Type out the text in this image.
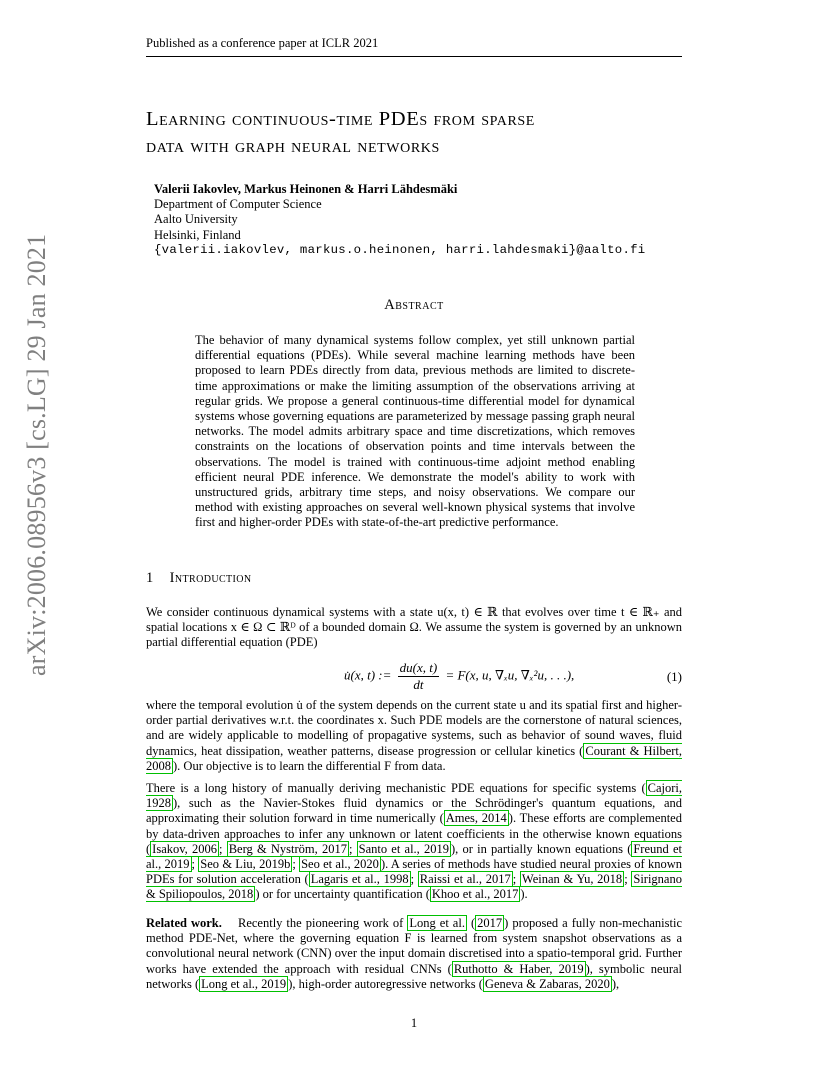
Published as a conference paper at ICLR 2021
arXiv:2006.08956v3 [cs.LG] 29 Jan 2021
Learning continuous-time PDEs from sparse
data with graph neural networks
Valerii Iakovlev, Markus Heinonen & Harri Lähdesmäki
Department of Computer Science
Aalto University
Helsinki, Finland
{valerii.iakovlev, markus.o.heinonen, harri.lahdesmaki}@aalto.fi
Abstract
The behavior of many dynamical systems follow complex, yet still unknown partial differential equations (PDEs). While several machine learning methods have been proposed to learn PDEs directly from data, previous methods are limited to discrete-time approximations or make the limiting assumption of the observations arriving at regular grids. We propose a general continuous-time differential model for dynamical systems whose governing equations are parameterized by message passing graph neural networks. The model admits arbitrary space and time discretizations, which removes constraints on the locations of observation points and time intervals between the observations. The model is trained with continuous-time adjoint method enabling efficient neural PDE inference. We demonstrate the model's ability to work with unstructured grids, arbitrary time steps, and noisy observations. We compare our method with existing approaches on several well-known physical systems that involve first and higher-order PDEs with state-of-the-art predictive performance.
1 Introduction
We consider continuous dynamical systems with a state u(x, t) ∈ ℝ that evolves over time t ∈ ℝ₊ and spatial locations x ∈ Ω ⊂ ℝᴰ of a bounded domain Ω. We assume the system is governed by an unknown partial differential equation (PDE)
u̇(x, t) := $\frac{du(x, t)}{dt} = F(x$, u, ∇ₓu, ∇ₓ²u, . . .),	(1)
where the temporal evolution u̇ of the system depends on the current state u and its spatial first and higher-order partial derivatives w.r.t. the coordinates x. Such PDE models are the cornerstone of natural sciences, and are widely applicable to modelling of propagative systems, such as behavior of sound waves, fluid dynamics, heat dissipation, weather patterns, disease progression or cellular kinetics ( Courant & Hilbert, 2008 ). Our objective is to learn the differential F from data.
There is a long history of manually deriving mechanistic PDE equations for specific systems ( Cajori, 1928 ), such as the Navier-Stokes fluid dynamics or the Schrödinger's quantum equations, and approximating their solution forward in time numerically ( Ames, 2014 ). These efforts are complemented by data-driven approaches to infer any unknown or latent coefficients in the otherwise known equations ( Isakov, 2006 ; Berg & Nyström, 2017 ; Santo et al., 2019 ), or in partially known equations ( Freund et al., 2019 ; Seo & Liu, 2019b ; Seo et al., 2020 ). A series of methods have studied neural proxies of known PDEs for solution acceleration ( Lagaris et al., 1998 ; Raissi et al., 2017 ; Weinan & Yu, 2018 ; Sirignano & Spiliopoulos, 2018 ) or for uncertainty quantification ( Khoo et al., 2017 ).
Related work. Recently the pioneering work of Long et al. ( 2017 ) proposed a fully non-mechanistic method PDE-Net, where the governing equation F is learned from system snapshot observations as a convolutional neural network (CNN) over the input domain discretised into a spatio-temporal grid. Further works have extended the approach with residual CNNs ( Ruthotto & Haber, 2019 ), symbolic neural networks ( Long et al., 2019 ), high-order autoregressive networks ( Geneva & Zabaras, 2020 ),
1
